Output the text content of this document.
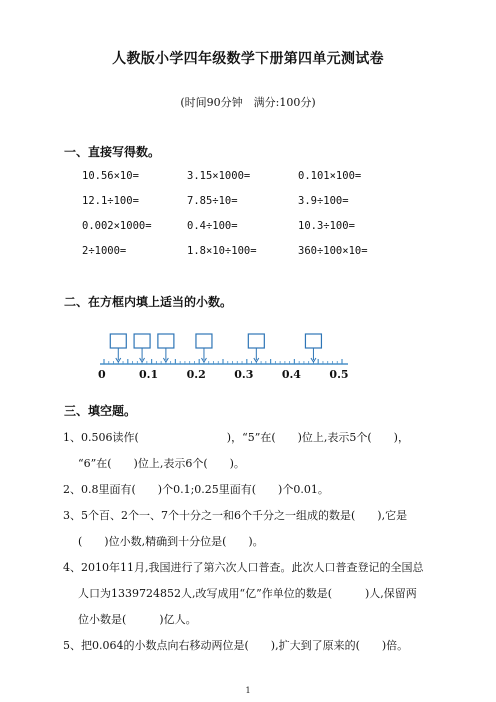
人教版小学四年级数学下册第四单元测试卷
(时间90分钟　满分:100分)
一、直接写得数。
10.56×10=	3.15×1000=	0.101×100=
12.1÷100=	7.85÷10=	3.9÷100=
0.002×1000=	0.4÷100=	10.3÷100=
2÷1000=	1.8×10÷100=	360÷100×10=
二、在方框内填上适当的小数。
0	0.1	0.2	0.3	0.4	0.5
三、填空题。
1、0.506读作(　　　　　　　　)，“5”在(　　)位上,表示5个(　　)，
“6”在(　　)位上,表示6个(　　)。
2、0.8里面有(　　)个0.1;0.25里面有(　　)个0.01。
3、5个百、2个一、7个十分之一和6个千分之一组成的数是(　　),它是
(　　)位小数,精确到十分位是(　　)。
4、2010年11月,我国进行了第六次人口普查。此次人口普查登记的全国总
人口为1339724852人,改写成用“亿”作单位的数是(　　　)人,保留两
位小数是(　　　)亿人。
5、把0.064的小数点向右移动两位是(　　),扩大到了原来的(　　)倍。
1
